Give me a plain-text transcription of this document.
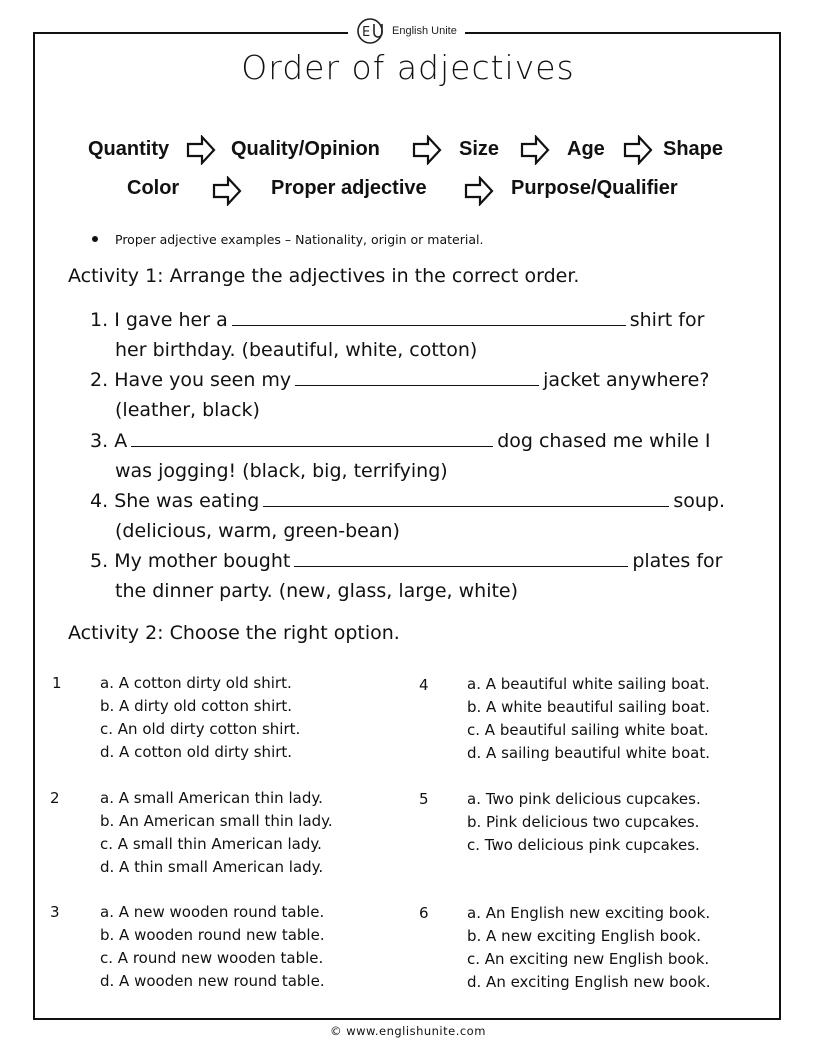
E English Unite
Order of adjectives
Quantity	Quality/Opinion	Size	Age	Shape
Color	Proper adjective	Purpose/Qualifier
Proper adjective examples – Nationality, origin or material.
Activity 1: Arrange the adjectives in the correct order.
1. I gave her a	shirt for
her birthday. (beautiful, white, cotton)
2. Have you seen my	jacket anywhere?
(leather, black)
3. A	dog chased me while I
was jogging! (black, big, terrifying)
4. She was eating	soup.
(delicious, warm, green-bean)
5. My mother bought	plates for
the dinner party. (new, glass, large, white)
Activity 2: Choose the right option.
1	a. A cotton dirty old shirt.
b. A dirty old cotton shirt.
c. An old dirty cotton shirt.
d. A cotton old dirty shirt.
2	a. A small American thin lady.
b. An American small thin lady.
c. A small thin American lady.
d. A thin small American lady.
3	a. A new wooden round table.
b. A wooden round new table.
c. A round new wooden table.
d. A wooden new round table.
4	a. A beautiful white sailing boat.
b. A white beautiful sailing boat.
c. A beautiful sailing white boat.
d. A sailing beautiful white boat.
5	a. Two pink delicious cupcakes.
b. Pink delicious two cupcakes.
c. Two delicious pink cupcakes.
6	a. An English new exciting book.
b. A new exciting English book.
c. An exciting new English book.
d. An exciting English new book.
© www.englishunite.com
